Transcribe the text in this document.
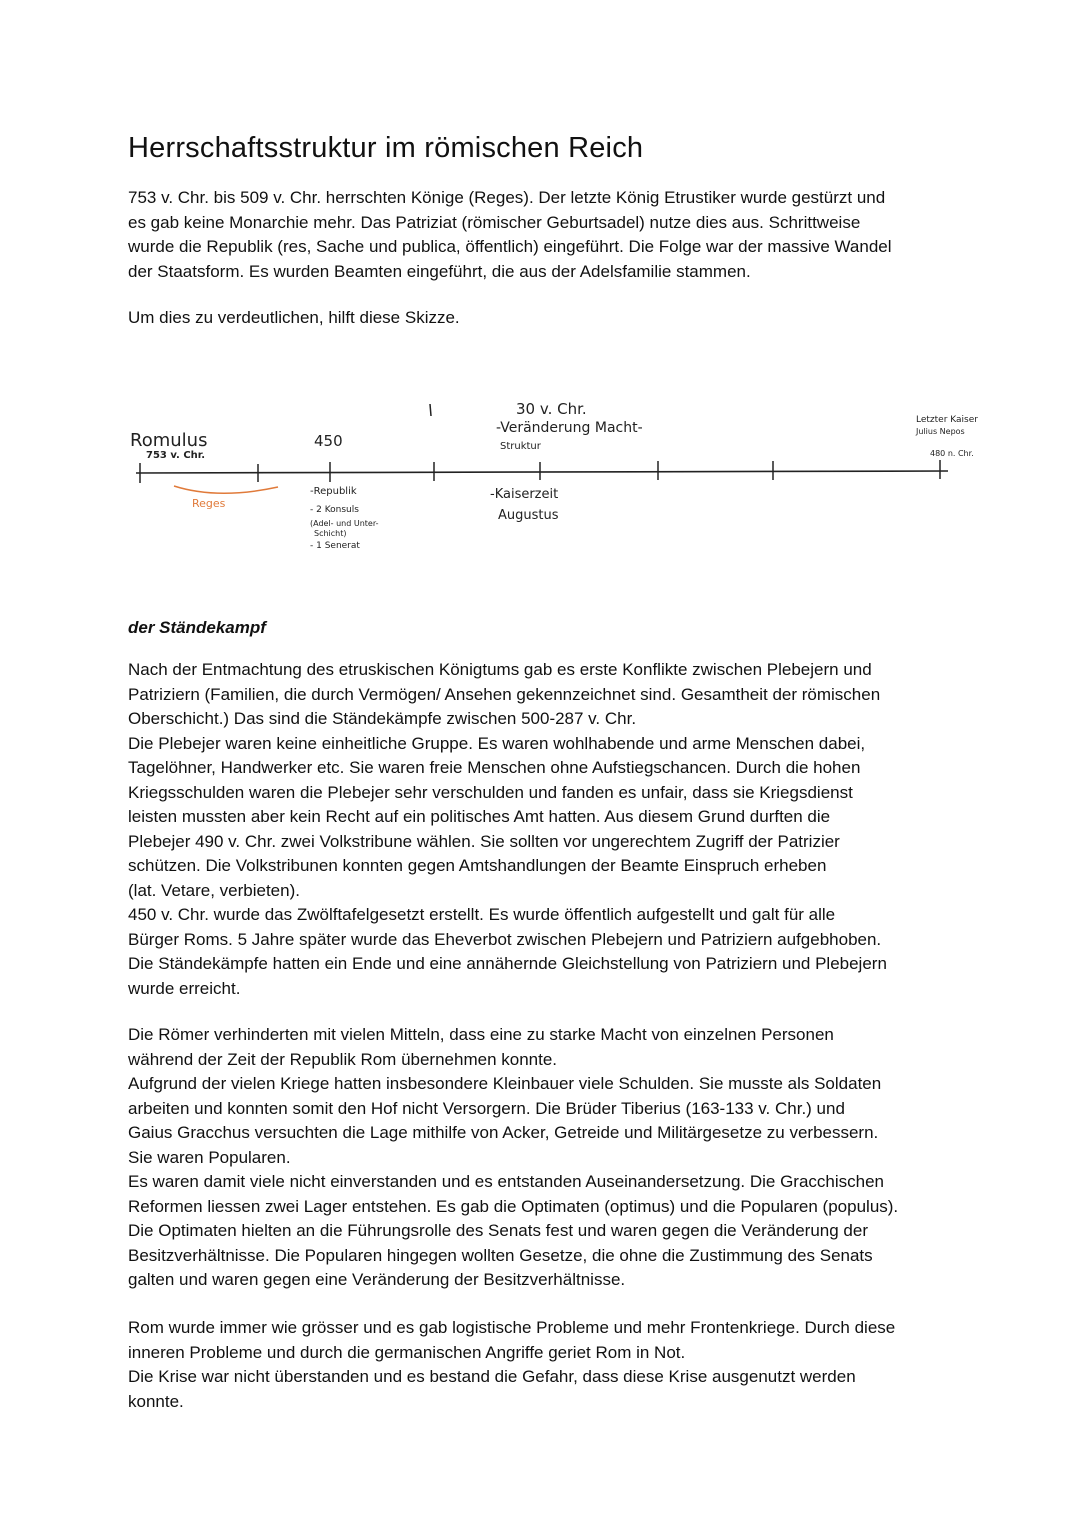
Herrschaftsstruktur im römischen Reich
753 v. Chr. bis 509 v. Chr. herrschten Könige (Reges). Der letzte König Etrustiker wurde gestürzt und
es gab keine Monarchie mehr. Das Patriziat (römischer Geburtsadel) nutze dies aus. Schrittweise
wurde die Republik (res, Sache und publica, öffentlich) eingeführt. Die Folge war der massive Wandel
der Staatsform. Es wurden Beamten eingeführt, die aus der Adelsfamilie stammen.
Um dies zu verdeutlichen, hilft diese Skizze.
Romulus
753 v. Chr.
Reges
450
-Republik
- 2 Konsuls
(Adel- und Unter-
Schicht)
- 1 Senerat
30 v. Chr.
-Veränderung Macht-
Struktur
-Kaiserzeit
Augustus
Letzter Kaiser
Julius Nepos
480 n. Chr.
der Ständekampf
Nach der Entmachtung des etruskischen Königtums gab es erste Konflikte zwischen Plebejern und
Patriziern (Familien, die durch Vermögen/ Ansehen gekennzeichnet sind. Gesamtheit der römischen
Oberschicht.) Das sind die Ständekämpfe zwischen 500-287 v. Chr.
Die Plebejer waren keine einheitliche Gruppe. Es waren wohlhabende und arme Menschen dabei,
Tagelöhner, Handwerker etc. Sie waren freie Menschen ohne Aufstiegschancen. Durch die hohen
Kriegsschulden waren die Plebejer sehr verschulden und fanden es unfair, dass sie Kriegsdienst
leisten mussten aber kein Recht auf ein politisches Amt hatten. Aus diesem Grund durften die
Plebejer 490 v. Chr. zwei Volkstribune wählen. Sie sollten vor ungerechtem Zugriff der Patrizier
schützen. Die Volkstribunen konnten gegen Amtshandlungen der Beamte Einspruch erheben
(lat. Vetare, verbieten).
450 v. Chr. wurde das Zwölftafelgesetzt erstellt. Es wurde öffentlich aufgestellt und galt für alle
Bürger Roms. 5 Jahre später wurde das Eheverbot zwischen Plebejern und Patriziern aufgebhoben.
Die Ständekämpfe hatten ein Ende und eine annähernde Gleichstellung von Patriziern und Plebejern
wurde erreicht.
Die Römer verhinderten mit vielen Mitteln, dass eine zu starke Macht von einzelnen Personen
während der Zeit der Republik Rom übernehmen konnte.
Aufgrund der vielen Kriege hatten insbesondere Kleinbauer viele Schulden. Sie musste als Soldaten
arbeiten und konnten somit den Hof nicht Versorgern. Die Brüder Tiberius (163-133 v. Chr.) und
Gaius Gracchus versuchten die Lage mithilfe von Acker, Getreide und Militärgesetze zu verbessern.
Sie waren Popularen.
Es waren damit viele nicht einverstanden und es entstanden Auseinandersetzung. Die Gracchischen
Reformen liessen zwei Lager entstehen. Es gab die Optimaten (optimus) und die Popularen (populus).
Die Optimaten hielten an die Führungsrolle des Senats fest und waren gegen die Veränderung der
Besitzverhältnisse. Die Popularen hingegen wollten Gesetze, die ohne die Zustimmung des Senats
galten und waren gegen eine Veränderung der Besitzverhältnisse.
Rom wurde immer wie grösser und es gab logistische Probleme und mehr Frontenkriege. Durch diese
inneren Probleme und durch die germanischen Angriffe geriet Rom in Not.
Die Krise war nicht überstanden und es bestand die Gefahr, dass diese Krise ausgenutzt werden
konnte.
